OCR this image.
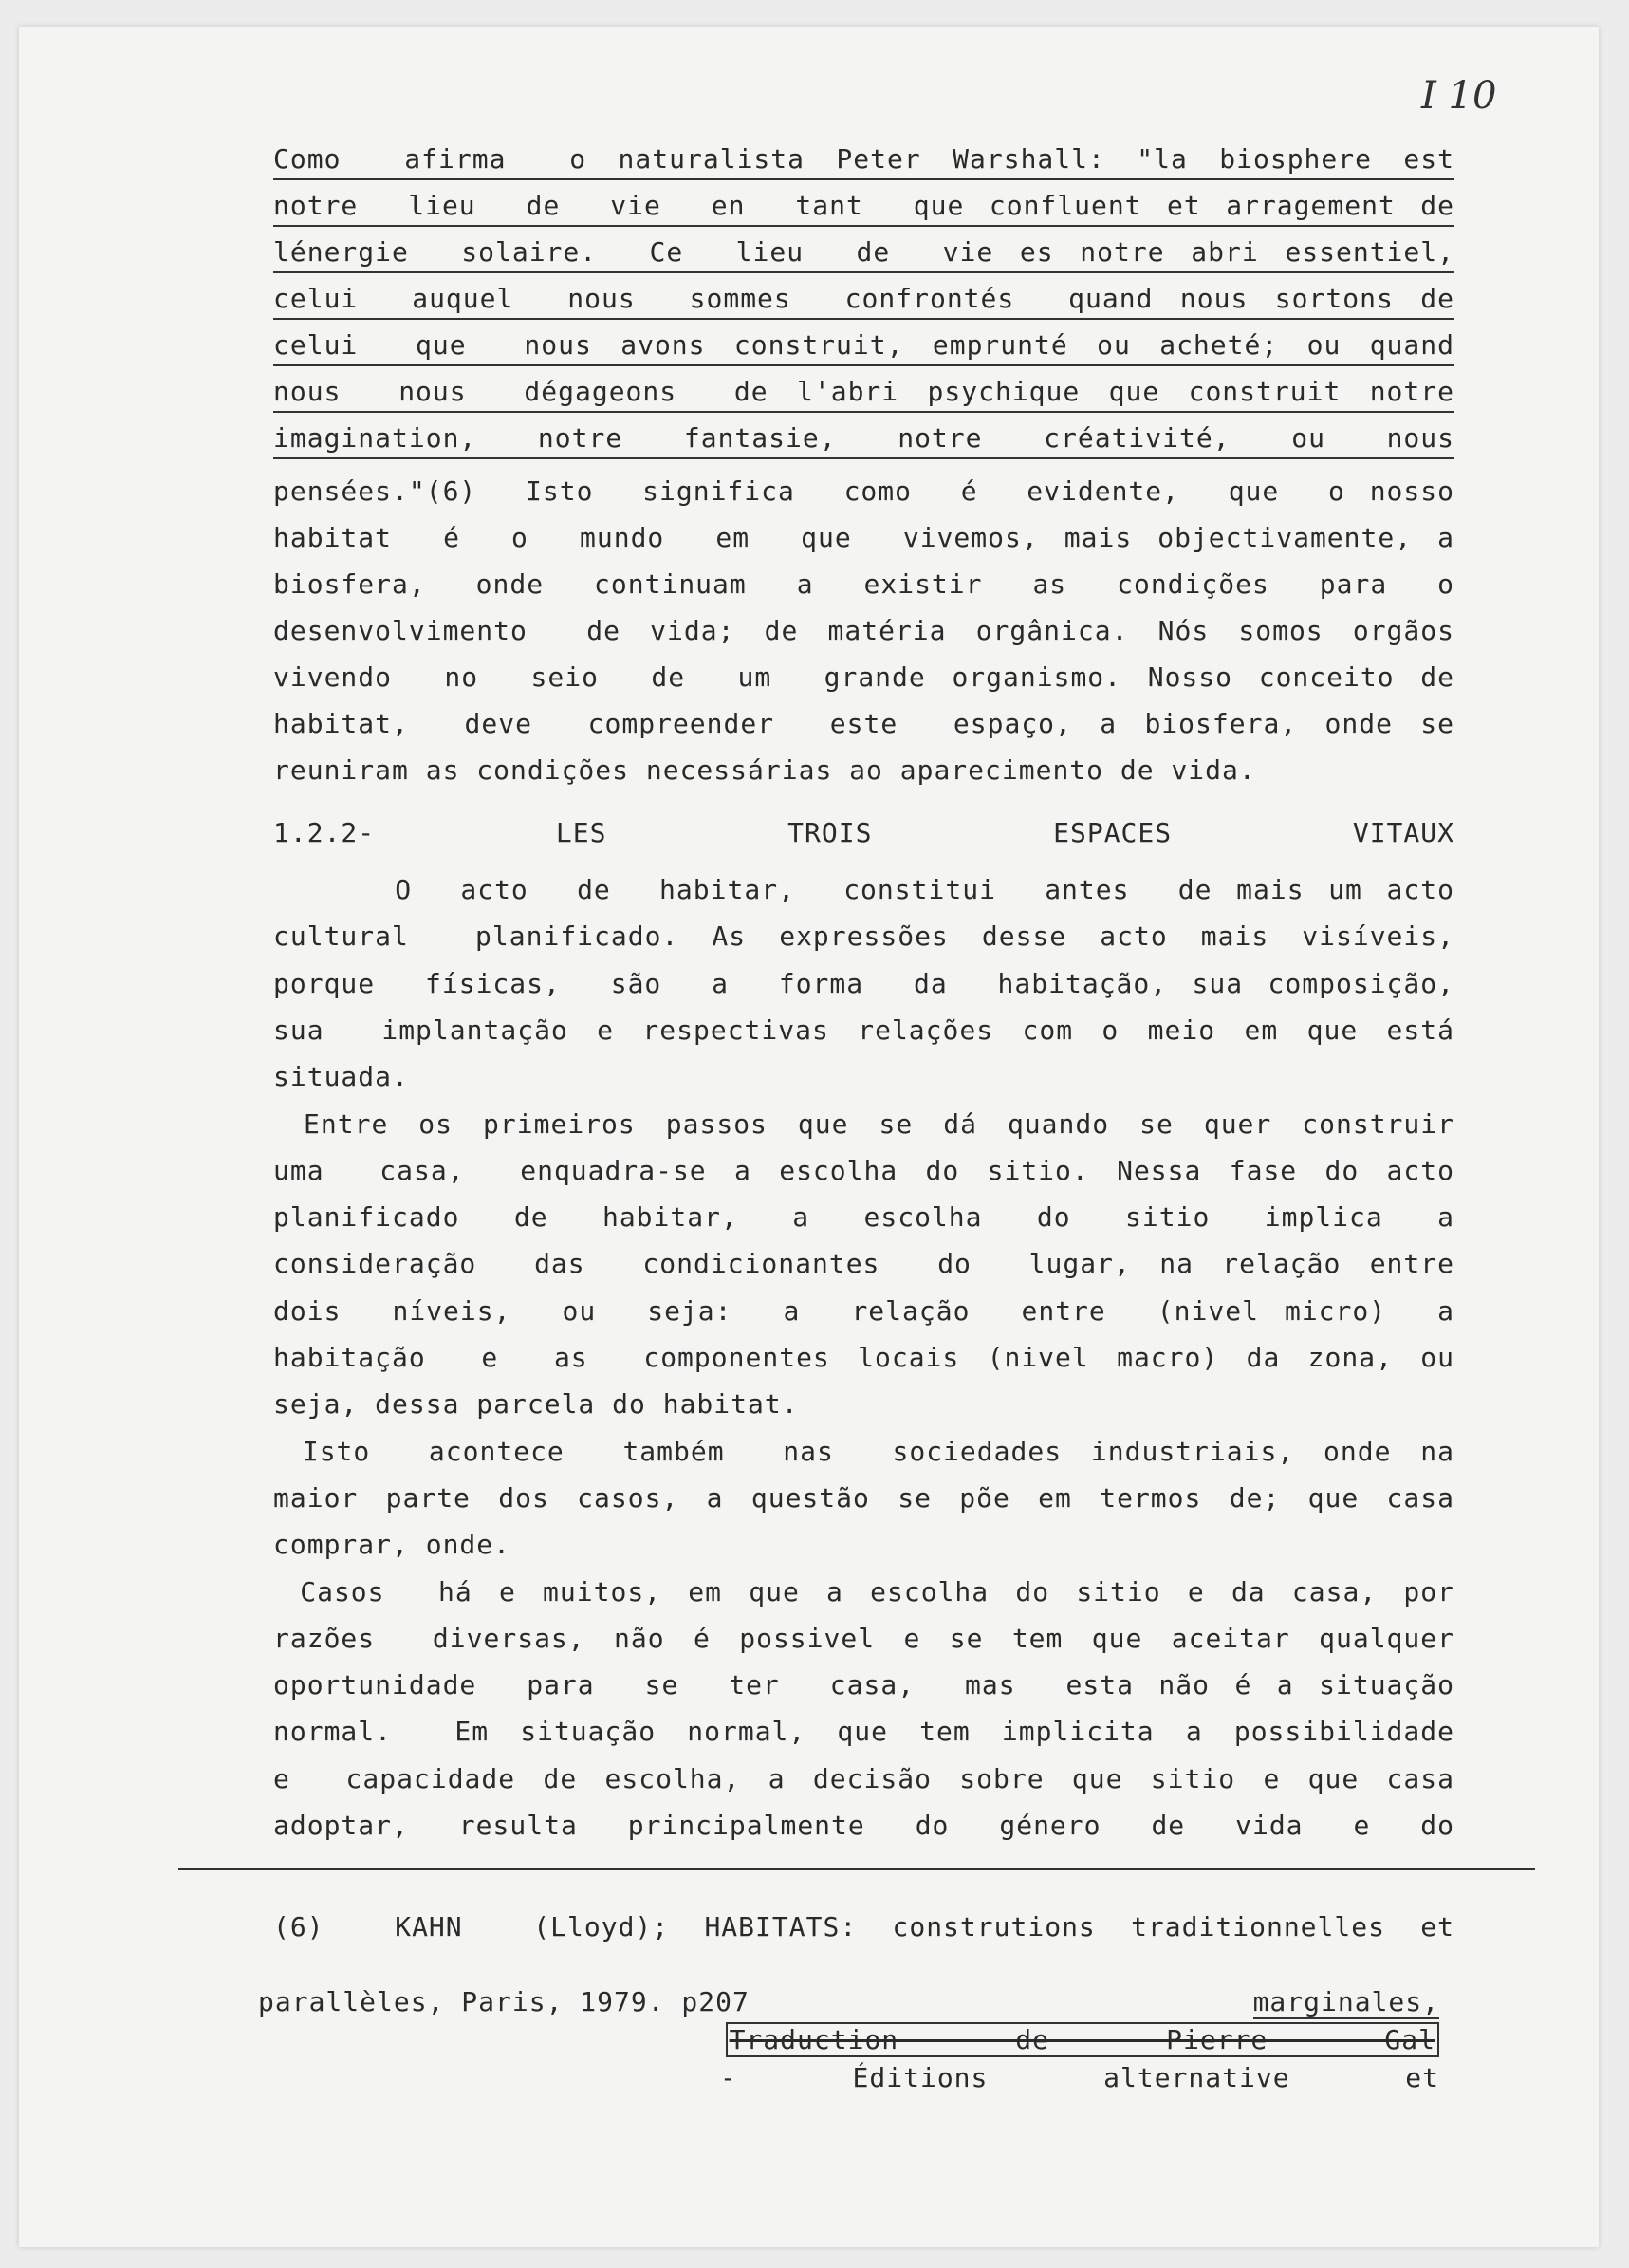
I 10
1.2.2- LES TROIS ESPACES VITAUX
(6)  KAHN  (Lloyd); HABITATS: construtions traditionnelles et

marginales,
Traduction de Pierre Gal
- Éditions alternative et

parallèles, Paris, 1979. p207
Como  afirma  o naturalista Peter Warshall: "la biosphere est
notre  lieu  de  vie  en  tant  que confluent et arragement de
lénergie  solaire.  Ce  lieu  de  vie es notre abri essentiel,
celui  auquel  nous  sommes  confrontés  quand nous sortons de
celui  que  nous avons construit, emprunté ou acheté; ou quand
nous  nous  dégageons  de l'abri psychique que construit notre
imagination,  notre  fantasie,  notre  créativité,  ou  nous
pensées."(6)  Isto  significa  como  é  evidente,  que  o nosso
habitat  é  o  mundo  em  que  vivemos, mais objectivamente, a
biosfera,  onde  continuam  a  existir  as  condições  para  o
desenvolvimento  de vida; de matéria orgânica. Nós somos orgãos
vivendo  no  seio  de  um  grande organismo. Nosso conceito de
habitat,  deve  compreender  este  espaço, a biosfera, onde se
reuniram as condições necessárias ao aparecimento de vida.
O  acto  de  habitar,  constitui  antes  de mais um acto
cultural  planificado. As expressões desse acto mais visíveis,
porque  físicas,  são  a  forma  da  habitação, sua composição,
sua  implantação e respectivas relações com o meio em que está
situada.
Entre os primeiros passos que se dá quando se quer construir
uma  casa,  enquadra-se a escolha do sitio. Nessa fase do acto
planificado  de  habitar,  a  escolha  do  sitio  implica  a
consideração  das  condicionantes  do  lugar, na relação entre
dois  níveis,  ou  seja:  a  relação  entre  (nivel micro)  a
habitação  e  as  componentes locais (nivel macro) da zona, ou
seja, dessa parcela do habitat.
Isto  acontece  também  nas  sociedades industriais, onde na
maior parte dos casos, a questão se põe em termos de; que casa
comprar, onde.
Casos  há e muitos, em que a escolha do sitio e da casa, por
razões  diversas, não é possivel e se tem que aceitar qualquer
oportunidade  para  se  ter  casa,  mas  esta não é a situação
normal.  Em situação normal, que tem implicita a possibilidade
e  capacidade de escolha, a decisão sobre que sitio e que casa
adoptar,  resulta  principalmente  do  género  de  vida  e  do
